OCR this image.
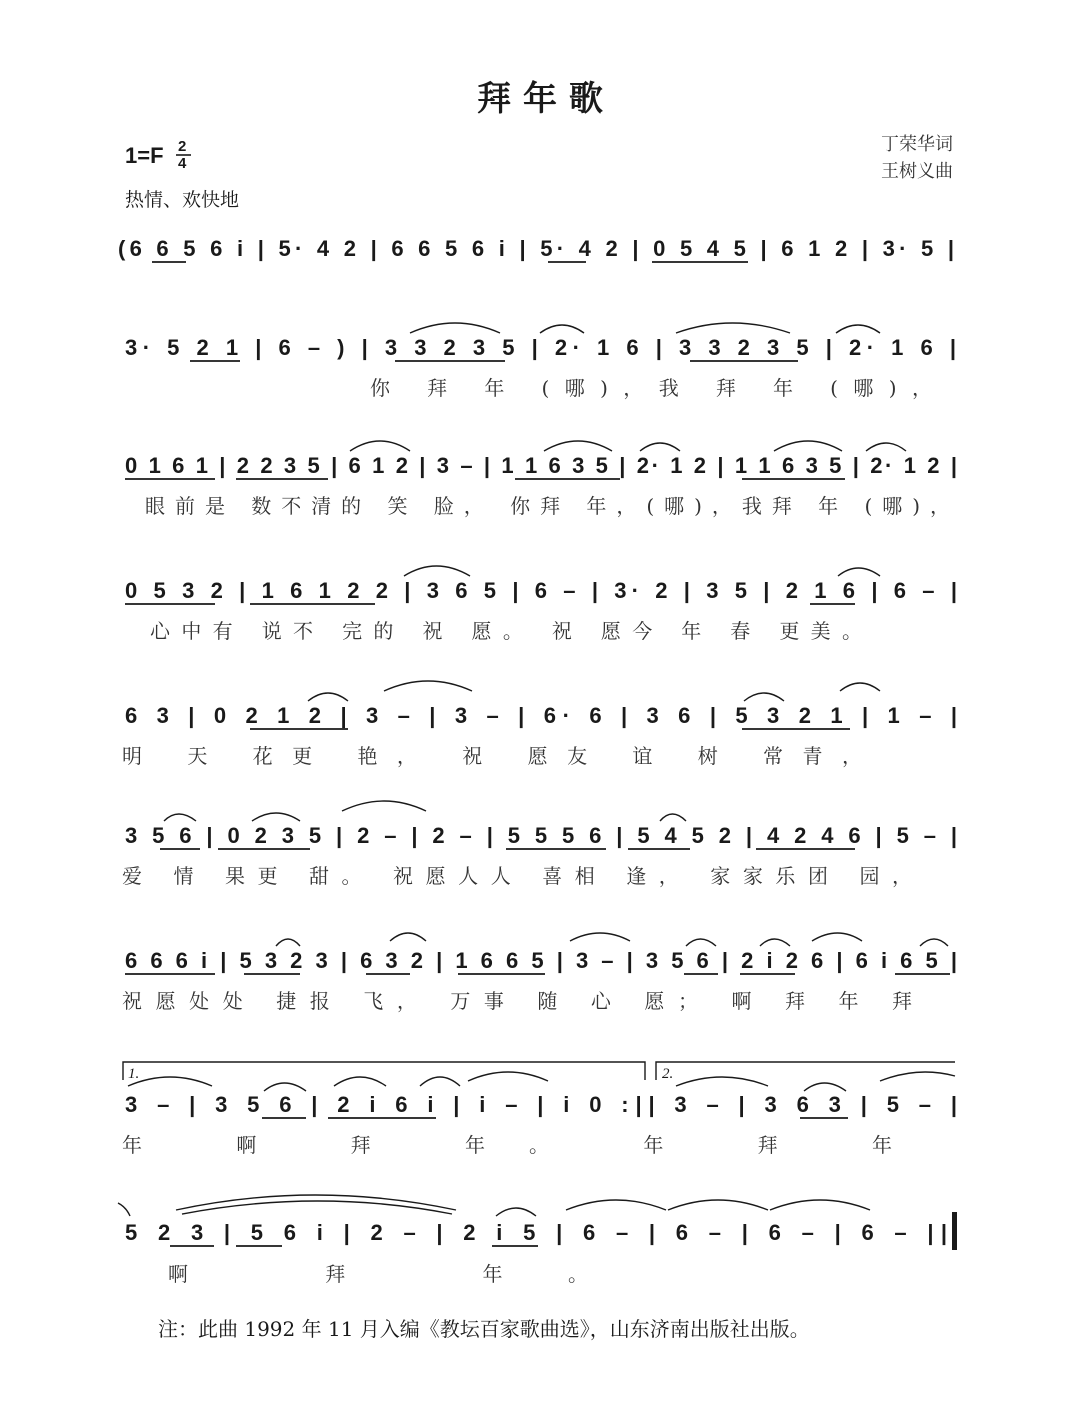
拜 年 歌
1=F 2
4
热情、欢快地
丁荣华词
王树义曲
(6 6 5 6 i | 5· 4 2 | 6 6 5 6 i | 5· 4 2 | 0 5 4 5 | 6 1 2 | 3· 5 |
3· 5 2 1 | 6 – ) | 3 3 2 3 5 | 2· 1 6 | 3 3 2 3 5 | 2· 1 6 |
你 拜 年 (哪)，我 拜 年 (哪)，
0 1 6 1 | 2 2 3 5 | 6 1 2 | 3 – | 1 1 6 3 5 | 2· 1 2 | 1 1 6 3 5 | 2· 1 2 |
眼前是 数不清的 笑 脸， 你拜 年，(哪)，我拜 年 (哪)，
0 5 3 2 | 1 6 1 2 2 | 3 6 5 | 6 – | 3· 2 | 3 5 | 2 1 6 | 6 – |
心中有 说不 完的 祝 愿。 祝 愿今 年 春 更美。
6 3 | 0 2 1 2 | 3 – | 3 – | 6· 6 | 3 6 | 5 3 2 1 | 1 – |
明 天 花更 艳， 祝 愿友 谊 树 常青，
3 5 6 | 0 2 3 5 | 2 – | 2 – | 5 5 5 6 | 5 4 5 2 | 4 2 4 6 | 5 – |
爱 情 果更 甜。 祝愿人人 喜相 逢， 家家乐团 园，
6 6 6 i | 5 3 2 3 | 6 3 2 | 1 6 6 5 | 3 – | 3 5 6 | 2 i 2 6 | 6 i 6 5 |
祝愿处处 捷报 飞， 万事 随 心 愿； 啊 拜 年 拜
1.	2.
3 – | 3 5 6 | 2 i 6 i | i – | i 0 :|| 3 – | 3 6 3 | 5 – |
年 啊 拜 年。 年 拜 年
5 2 3 | 5 6 i | 2 – | 2 i 5 | 6 – | 6 – | 6 – | 6 – ||
啊 拜 年。
注：此曲 1992 年 11 月入编《教坛百家歌曲选》，山东济南出版社出版。
